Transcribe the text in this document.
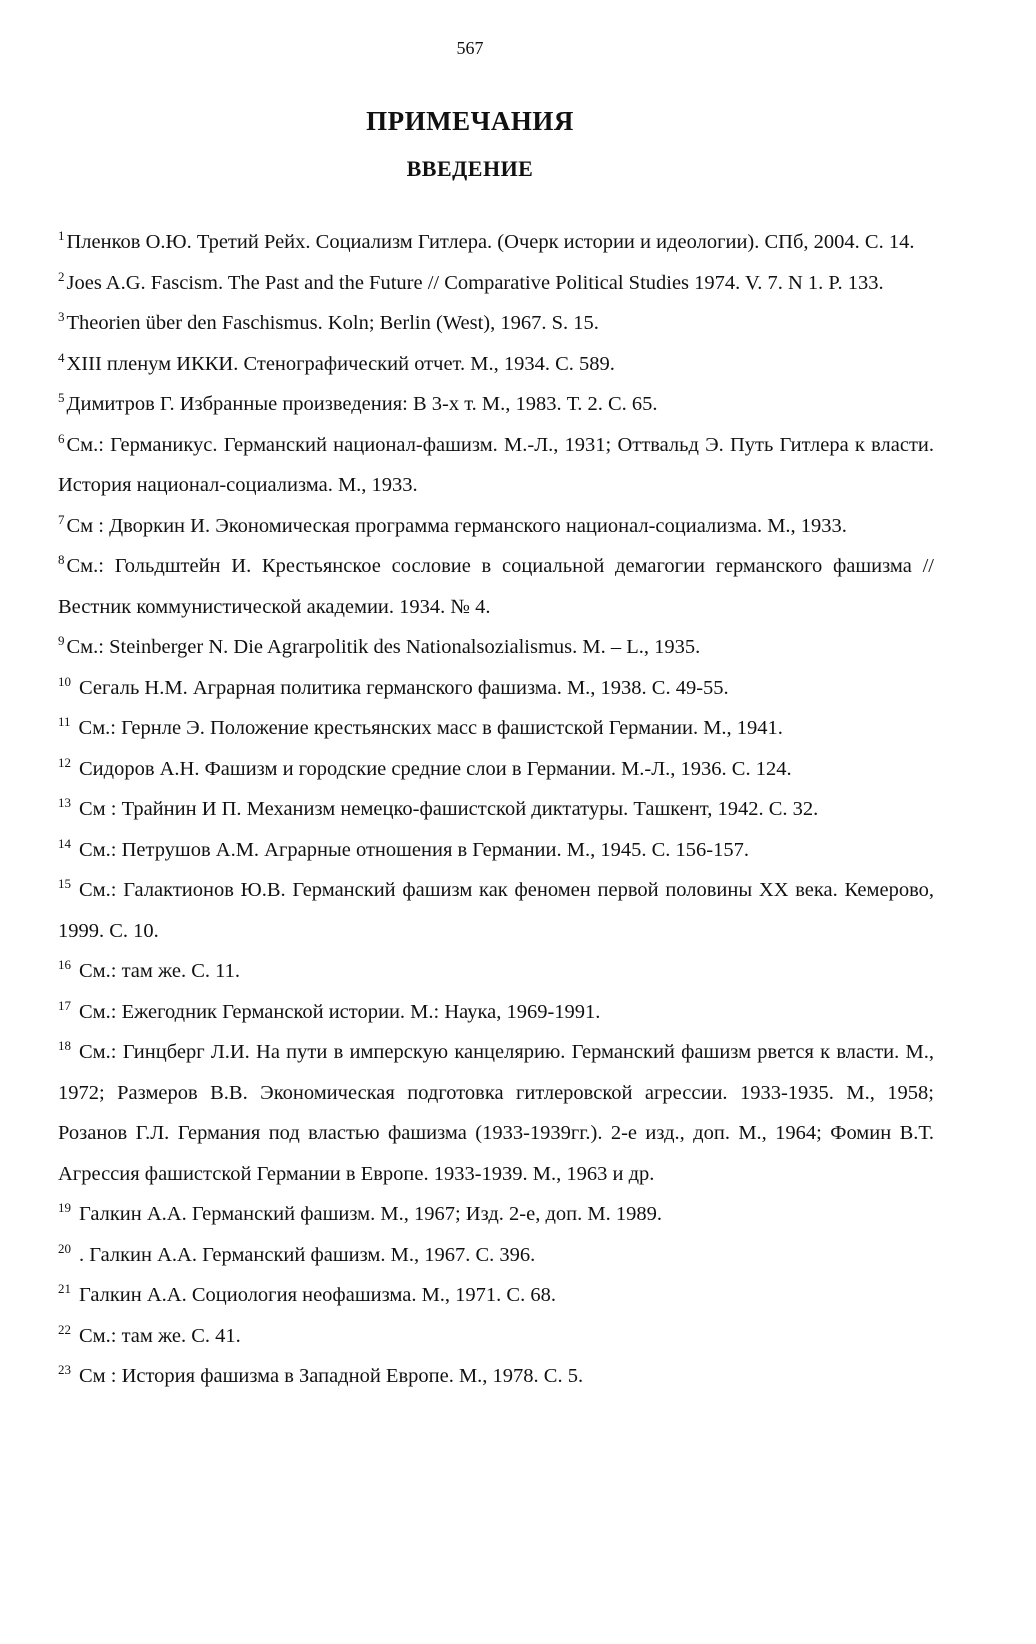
567
ПРИМЕЧАНИЯ
ВВЕДЕНИЕ

$^1$Пленков О.Ю. Третий Рейх. Социализм Гитлера. (Очерк истории и идеологии). СПб, 2004. С. 14.

$^2$Joes A.G. Fascism. The Past and the Future // Comparative Political Studies 1974. V. 7. N 1. P. 133.

$^3$Theorien über den Faschismus. Koln; Berlin (West), 1967. S. 15.

$^4$XIII пленум ИККИ. Стенографический отчет. М., 1934. С. 589.

$^5$Димитров Г. Избранные произведения: В 3-х т. М., 1983. Т. 2. С. 65.

$^6$См.: Германикус. Германский национал-фашизм. М.-Л., 1931; Оттвальд Э. Путь Гитлера к власти. История национал-социализма. М., 1933.

$^7$См : Дворкин И. Экономическая программа германского национал-социализма. М., 1933.

$^8$См.: Гольдштейн И. Крестьянское сословие в социальной демагогии германского фашизма // Вестник коммунистической академии. 1934. № 4.

$^9$См.: Steinberger N. Die Agrarpolitik des Nationalsozialismus. M. – L., 1935.

$^{10}$ Сегаль Н.М. Аграрная политика германского фашизма. М., 1938. С. 49-55.

$^{11}$ См.: Гернле Э. Положение крестьянских масс в фашистской Германии. М., 1941.

$^{12}$ Сидоров А.Н. Фашизм и городские средние слои в Германии. М.-Л., 1936. С. 124.

$^{13}$ См : Трайнин И П. Механизм немецко-фашистской диктатуры. Ташкент, 1942. С. 32.

$^{14}$ См.: Петрушов А.М. Аграрные отношения в Германии. М., 1945. С. 156-157.

$^{15}$ См.: Галактионов Ю.В. Германский фашизм как феномен первой половины XX века. Кемерово, 1999. С. 10.

$^{16}$ См.: там же. С. 11.

$^{17}$ См.: Ежегодник Германской истории. М.: Наука, 1969-1991.

$^{18}$ См.: Гинцберг Л.И. На пути в имперскую канцелярию. Германский фашизм рвется к власти. М., 1972; Размеров В.В. Экономическая подготовка гитлеровской агрессии. 1933-1935. М., 1958; Розанов Г.Л. Германия под властью фашизма (1933-1939гг.). 2-е изд., доп. М., 1964; Фомин В.Т. Агрессия фашистской Германии в Европе. 1933-1939. М., 1963 и др.

$^{19}$ Галкин А.А. Германский фашизм. М., 1967; Изд. 2-е, доп. М. 1989.

$^{20}$ . Галкин А.А. Германский фашизм. М., 1967. С. 396.

$^{21}$ Галкин А.А. Социология неофашизма. М., 1971. С. 68.

$^{22}$ См.: там же. С. 41.

$^{23}$ См : История фашизма в Западной Европе. М., 1978. С. 5.
